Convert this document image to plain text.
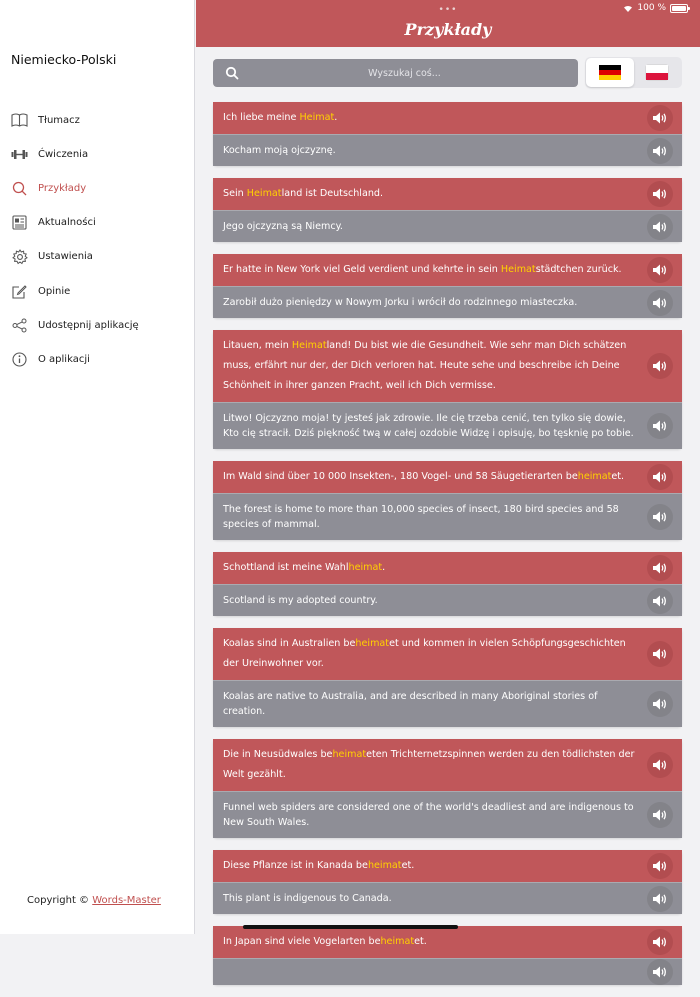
Niemiecko-Polski
Tłumacz
Ćwiczenia
Przykłady
Aktualności
Ustawienia
Opinie
Udostępnij aplikację
O aplikacji
Copyright © Words-Master
•••
Przykłady
100 %
Wyszukaj coś...
Ich liebe meine Heimat.
Kocham moją ojczyznę.
Sein Heimatland ist Deutschland.
Jego ojczyzną są Niemcy.
Er hatte in New York viel Geld verdient und kehrte in sein Heimatstädtchen zurück.
Zarobił dużo pieniędzy w Nowym Jorku i wrócił do rodzinnego miasteczka.
Litauen, mein Heimatland! Du bist wie die Gesundheit. Wie sehr man Dich schätzen muss, erfährt nur der, der Dich verloren hat. Heute sehe und beschreibe ich Deine Schönheit in ihrer ganzen Pracht, weil ich Dich vermisse.
Litwo! Ojczyzno moja! ty jesteś jak zdrowie. Ile cię trzeba cenić, ten tylko się dowie, Kto cię stracił. Dziś piękność twą w całej ozdobie Widzę i opisuję, bo tęsknię po tobie.
Im Wald sind über 10 000 Insekten-, 180 Vogel- und 58 Säugetierarten beheimatet.
The forest is home to more than 10,000 species of insect, 180 bird species and 58 species of mammal.
Schottland ist meine Wahlheimat.
Scotland is my adopted country.
Koalas sind in Australien beheimatet und kommen in vielen Schöpfungsgeschichten der Ureinwohner vor.
Koalas are native to Australia, and are described in many Aboriginal stories of creation.
Die in Neusüdwales beheimateten Trichternetzspinnen werden zu den tödlichsten der Welt gezählt.
Funnel web spiders are considered one of the world's deadliest and are indigenous to New South Wales.
Diese Pflanze ist in Kanada beheimatet.
This plant is indigenous to Canada.
In Japan sind viele Vogelarten beheimatet.
